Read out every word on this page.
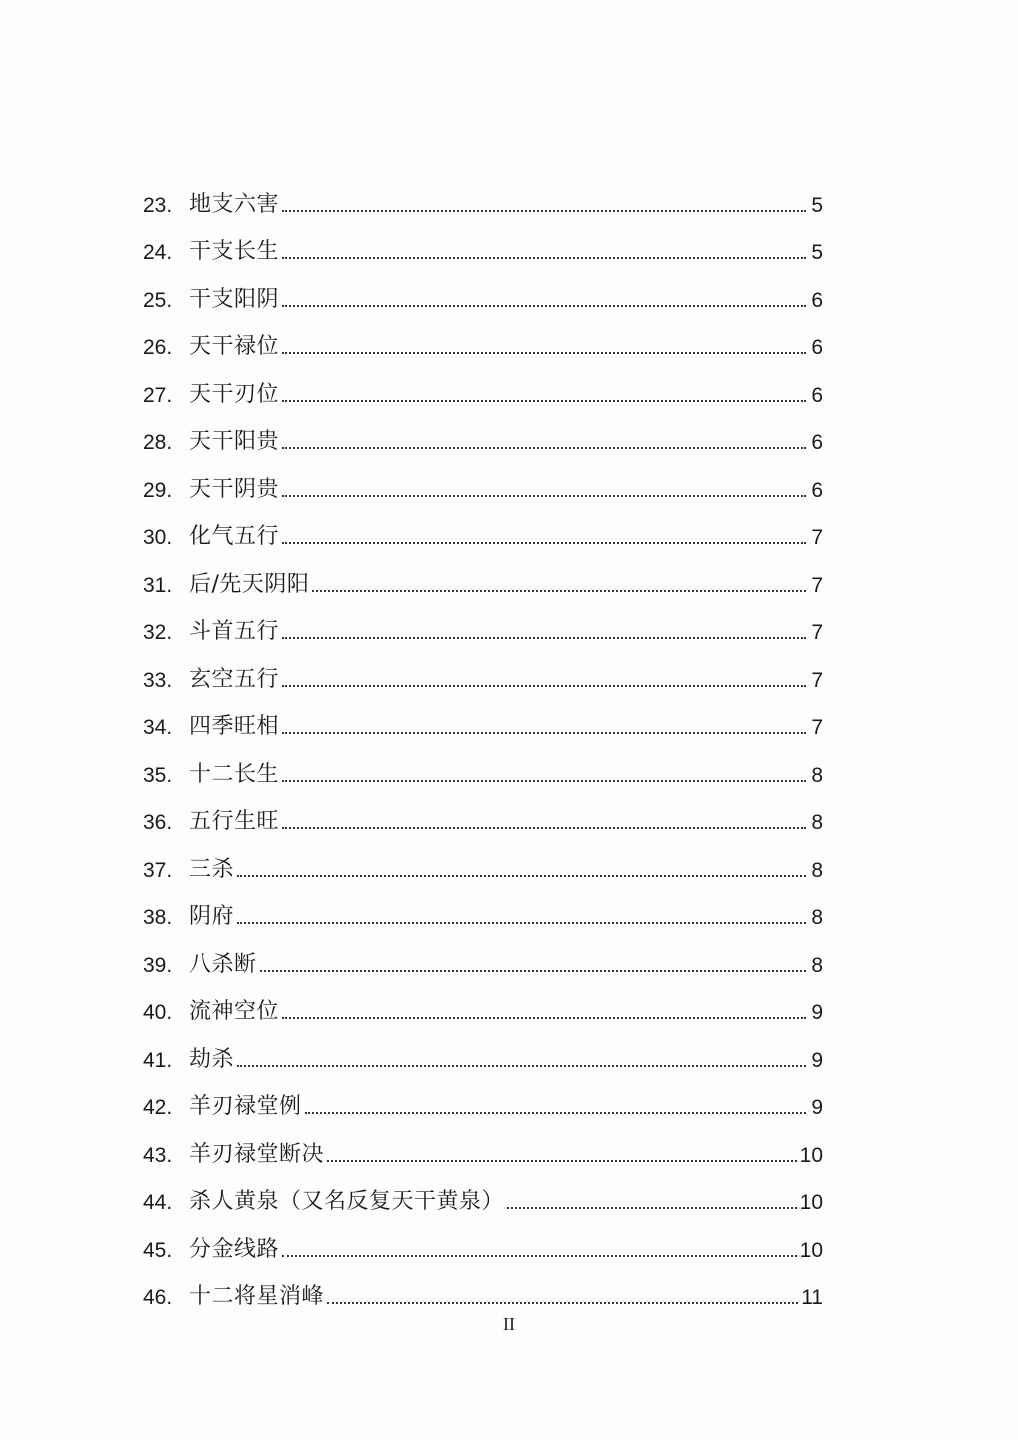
23. 地支六害	5
24. 干支长生	5
25. 干支阳阴	6
26. 天干禄位	6
27. 天干刃位	6
28. 天干阳贵	6
29. 天干阴贵	6
30. 化气五行	7
31. 后/先天阴阳	7
32. 斗首五行	7
33. 玄空五行	7
34. 四季旺相	7
35. 十二长生	8
36. 五行生旺	8
37. 三杀	8
38. 阴府	8
39. 八杀断	8
40. 流神空位	9
41. 劫杀	9
42. 羊刃禄堂例	9
43. 羊刃禄堂断决	10
44. 杀人黄泉（又名反复天干黄泉）	10
45. 分金线路	10
46. 十二将星消峰	11
II
